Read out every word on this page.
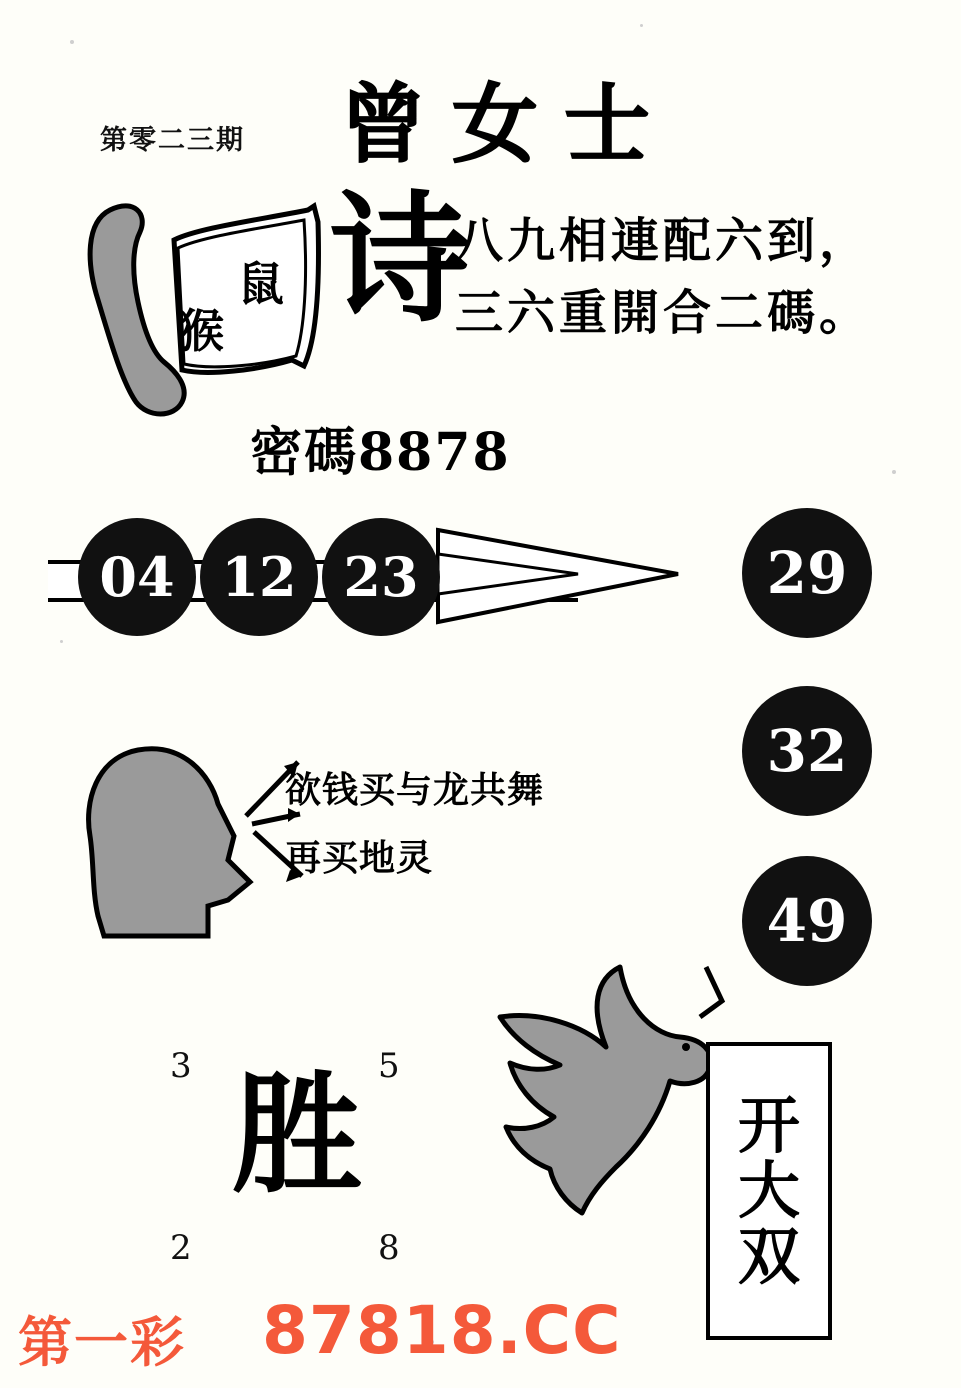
第零二三期 曾女士
鼠
猴 诗
八九相連配六到，
三六重開合二碼。
密碼8878
04 12 23	29
32
49
欲钱买与龙共舞
再买地灵
3	5
2	8
胜	开
大
双
第一彩 87818.CC
